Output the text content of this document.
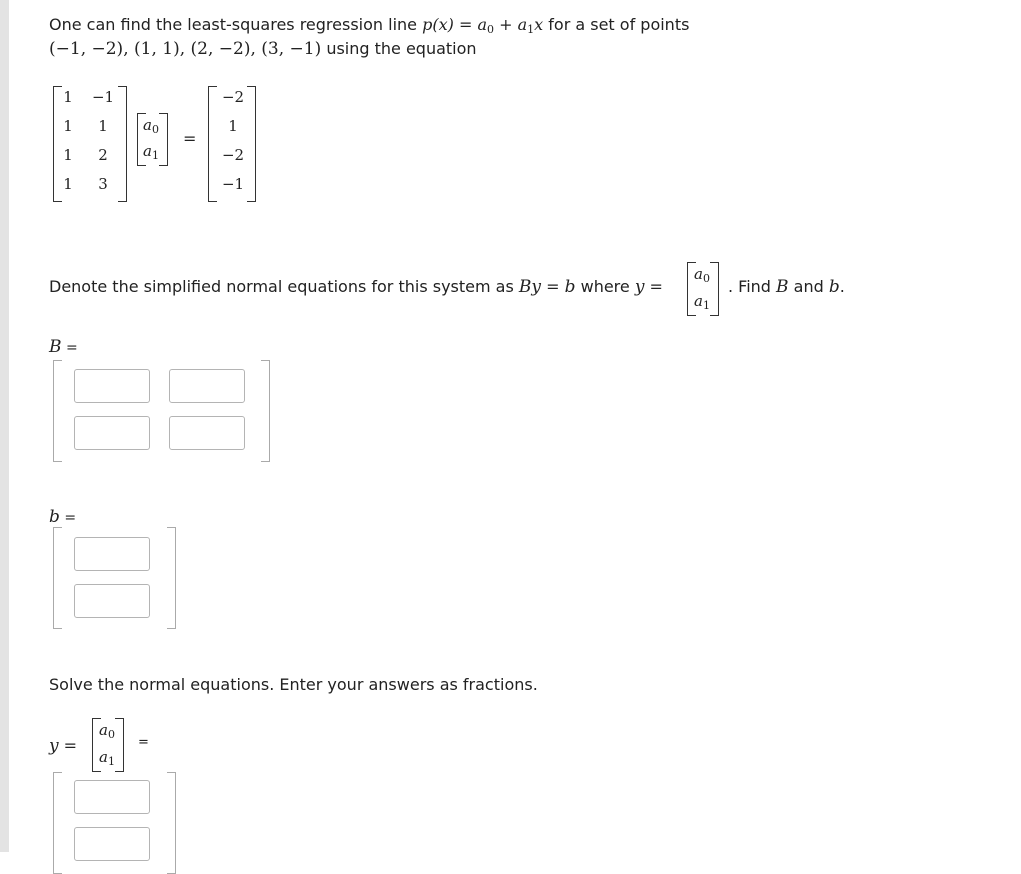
One can find the least-squares regression line $p(x) = a_0 + a_1x$ for a set of points
(−1, −2), (1, 1), (2, −2), (3, −1) using the equation
1	−1
1	1
1	2
1	3
$a_0$
$a_1$
=
−2
1
−2
−1
Denote the simplified normal equations for this system as By = b where y =
$a_0$
$a_1$
. Find B and b.
B =
b =
Solve the normal equations. Enter your answers as fractions.
y =
$a_0$
$a_1$
=
